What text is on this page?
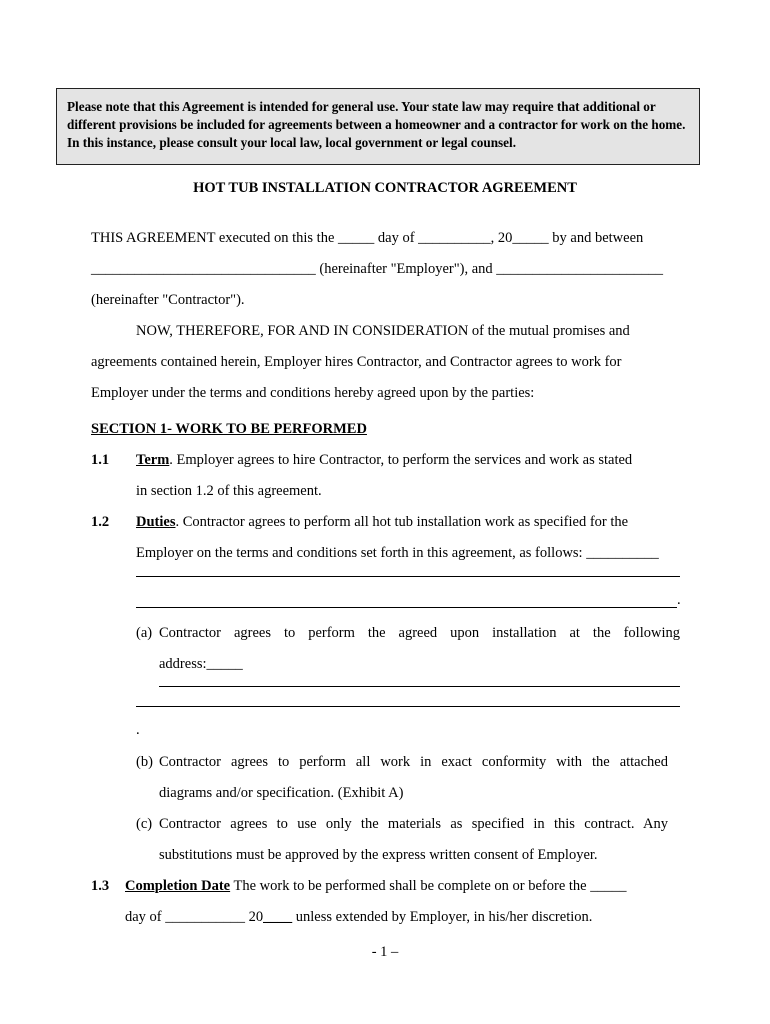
Please note that this Agreement is intended for general use. Your state law may require that additional or different provisions be included for agreements between a homeowner and a contractor for work on the home. In this instance, please consult your local law, local government or legal counsel.
HOT TUB INSTALLATION CONTRACTOR AGREEMENT
THIS AGREEMENT executed on this the _____ day of __________, 20_____ by and between
_______________________________ (hereinafter "Employer"), and _______________________
(hereinafter "Contractor").
NOW, THEREFORE, FOR AND IN CONSIDERATION of the mutual promises and
agreements contained herein, Employer hires Contractor, and Contractor agrees to work for
Employer under the terms and conditions hereby agreed upon by the parties:
SECTION 1- WORK TO BE PERFORMED
1.1 Term. Employer agrees to hire Contractor, to perform the services and work as stated
in section 1.2 of this agreement.
1.2 Duties. Contractor agrees to perform all hot tub installation work as specified for the
Employer on the terms and conditions set forth in this agreement, as follows: __________
.
(a) Contractor agrees to perform the agreed upon installation at the following
address:_____
.
(b) Contractor agrees to perform all work in exact conformity with the attached
diagrams and/or specification. (Exhibit A)
(c) Contractor agrees to use only the materials as specified in this contract. Any
substitutions must be approved by the express written consent of Employer.
1.3 Completion Date The work to be performed shall be complete on or before the _____
day of ___________ 20____ unless extended by Employer, in his/her discretion.
- 1 –
